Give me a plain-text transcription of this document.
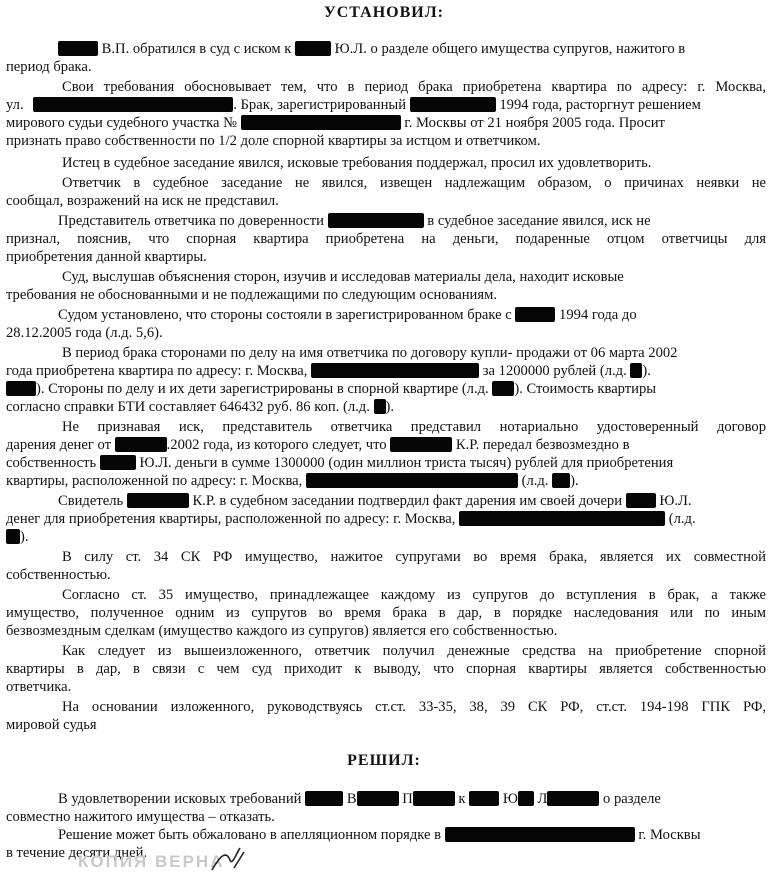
УСТАНОВИЛ:
В.П. обратился в суд с иском к	Ю.Л. о разделе общего имущества супругов, нажитого в
период брака.
Свои требования обосновывает тем, что в период брака приобретена квартира по адресу: г. Москва,
ул.	. Брак, зарегистрированный	1994 года, расторгнут решением
мирового судьи судебного участка №	г. Москвы от 21 ноября 2005 года. Просит
признать право собственности по 1/2 доле спорной квартиры за истцом и ответчиком.
Истец в судебное заседание явился, исковые требования поддержал, просил их удовлетворить.
Ответчик в судебное заседание не явился, извещен надлежащим образом, о причинах неявки не
сообщал, возражений на иск не представил.
Представитель ответчика по доверенности	в судебное заседание явился, иск не
признал, пояснив, что спорная квартира приобретена на деньги, подаренные отцом ответчицы для
приобретения данной квартиры.
Суд, выслушав объяснения сторон, изучив и исследовав материалы дела, находит исковые
требования не обоснованными и не подлежащими по следующим основаниям.
Судом установлено, что стороны состояли в зарегистрированном браке с	1994 года до
28.12.2005 года (л.д. 5,6).
В период брака сторонами по делу на имя ответчика по договору купли- продажи от 06 марта 2002
года приобретена квартира по адресу: г. Москва,	за 1200000 рублей (л.д. ).
). Стороны по делу и их дети зарегистрированы в спорной квартире (л.д. ). Стоимость квартиры
согласно справки БТИ составляет 646432 руб. 86 коп. (л.д. ).
Не признавая иск, представитель ответчика представил нотариально удостоверенный договор
дарения денег от	.2002 года, из которого следует, что	К.Р. передал безвозмездно в
собственность	Ю.Л. деньги в сумме 1300000 (один миллион триста тысяч) рублей для приобретения
квартиры, расположенной по адресу: г. Москва,	(л.д. ).
Свидетель	К.Р. в судебном заседании подтвердил факт дарения им своей дочери	Ю.Л.
денег для приобретения квартиры, расположенной по адресу: г. Москва,	(л.д.
).
В силу ст. 34 СК РФ имущество, нажитое супругами во время брака, является их совместной
собственностью.
Согласно ст. 35 имущество, принадлежащее каждому из супругов до вступления в брак, а также
имущество, полученное одним из супругов во время брака в дар, в порядке наследования или по иным
безвозмездным сделкам (имущество каждого из супругов) является его собственностью.
Как следует из вышеизложенного, ответчик получил денежные средства на приобретение спорной
квартиры в дар, в связи с чем суд приходит к выводу, что спорная квартиры является собственностью
ответчика.
На основании изложенного, руководствуясь ст.ст. 33-35, 38, 39 СК РФ, ст.ст. 194-198 ГПК РФ,
мировой судья
РЕШИЛ:
В удовлетворении исковых требований	В	П	к	Ю Л	о разделе
совместно нажитого имущества – отказать.
Решение может быть обжаловано в апелляционном порядке в	г. Москвы
в течение десяти дней.
КОПИЯ ВЕРНА
